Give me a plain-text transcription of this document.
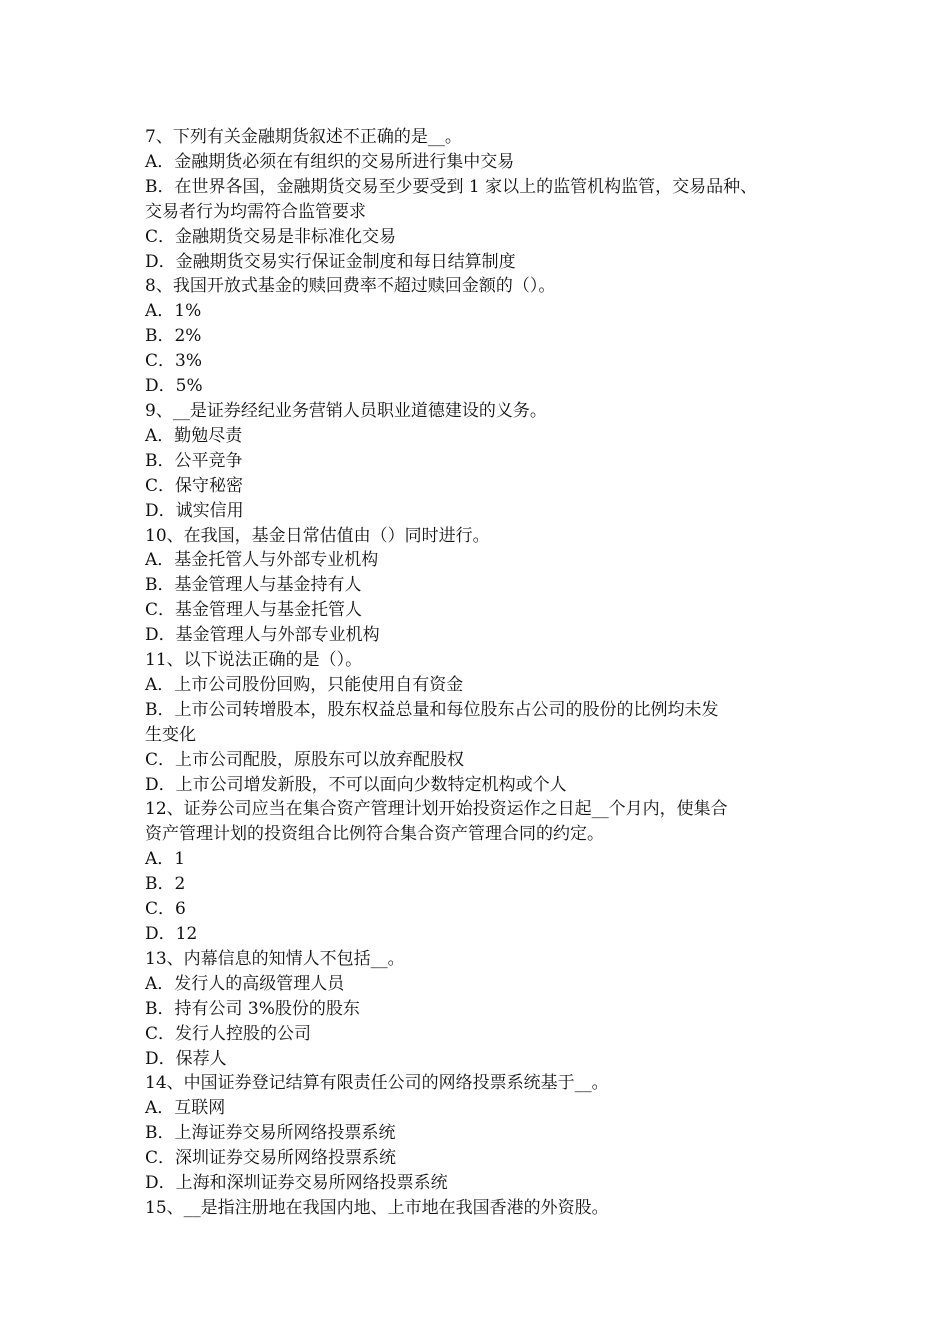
7、下列有关金融期货叙述不正确的是__。
A．金融期货必须在有组织的交易所进行集中交易
B．在世界各国，金融期货交易至少要受到 1 家以上的监管机构监管，交易品种、
交易者行为均需符合监管要求
C．金融期货交易是非标准化交易
D．金融期货交易实行保证金制度和每日结算制度
8、我国开放式基金的赎回费率不超过赎回金额的（）。
A．1%
B．2%
C．3%
D．5%
9、__是证券经纪业务营销人员职业道德建设的义务。
A．勤勉尽责
B．公平竞争
C．保守秘密
D．诚实信用
10、在我国，基金日常估值由（）同时进行。
A．基金托管人与外部专业机构
B．基金管理人与基金持有人
C．基金管理人与基金托管人
D．基金管理人与外部专业机构
11、以下说法正确的是（）。
A．上市公司股份回购，只能使用自有资金
B．上市公司转增股本，股东权益总量和每位股东占公司的股份的比例均未发
生变化
C．上市公司配股，原股东可以放弃配股权
D．上市公司增发新股，不可以面向少数特定机构或个人
12、证券公司应当在集合资产管理计划开始投资运作之日起__个月内，使集合
资产管理计划的投资组合比例符合集合资产管理合同的约定。
A．1
B．2
C．6
D．12
13、内幕信息的知情人不包括__。
A．发行人的高级管理人员
B．持有公司 3%股份的股东
C．发行人控股的公司
D．保荐人
14、中国证券登记结算有限责任公司的网络投票系统基于__。
A．互联网
B．上海证券交易所网络投票系统
C．深圳证券交易所网络投票系统
D．上海和深圳证券交易所网络投票系统
15、__是指注册地在我国内地、上市地在我国香港的外资股。
